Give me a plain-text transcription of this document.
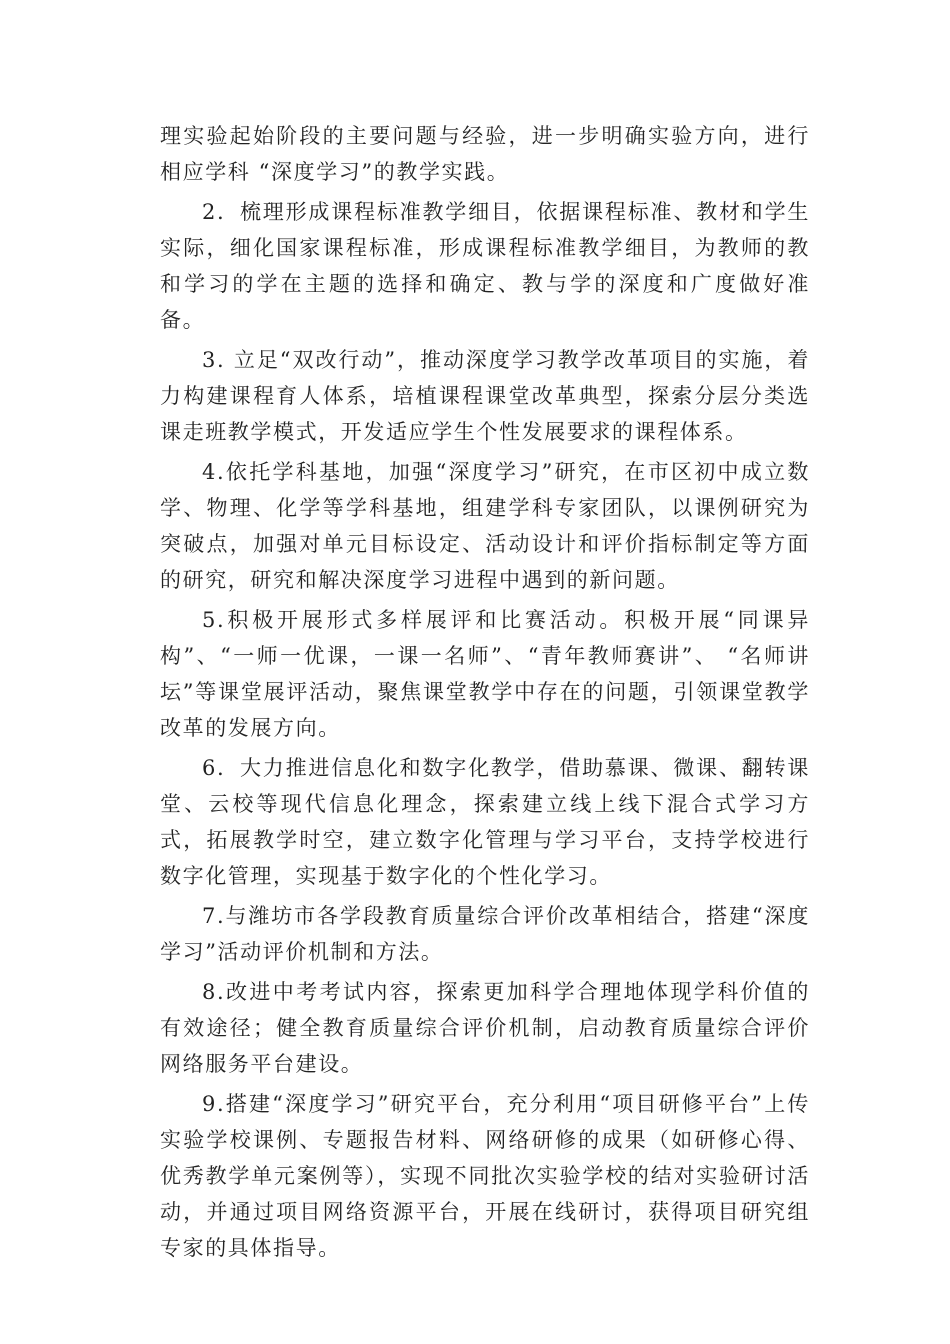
理实验起始阶段的主要问题与经验，进一步明确实验方向，进行相应学科 “深度学习”的教学实践。

2．梳理形成课程标准教学细目，依据课程标准、教材和学生实际，细化国家课程标准，形成课程标准教学细目，为教师的教和学习的学在主题的选择和确定、教与学的深度和广度做好准备。

3. 立足“双改行动”，推动深度学习教学改革项目的实施，着力构建课程育人体系，培植课程课堂改革典型，探索分层分类选课走班教学模式，开发适应学生个性发展要求的课程体系。

4.依托学科基地，加强“深度学习”研究，在市区初中成立数学、物理、化学等学科基地，组建学科专家团队，以课例研究为突破点，加强对单元目标设定、活动设计和评价指标制定等方面的研究，研究和解决深度学习进程中遇到的新问题。

5.积极开展形式多样展评和比赛活动。积极开展“同课异构”、“一师一优课，一课一名师”、“青年教师赛讲”、 “名师讲坛”等课堂展评活动，聚焦课堂教学中存在的问题，引领课堂教学改革的发展方向。

6．大力推进信息化和数字化教学，借助慕课、微课、翻转课堂、云校等现代信息化理念，探索建立线上线下混合式学习方式，拓展教学时空，建立数字化管理与学习平台，支持学校进行数字化管理，实现基于数字化的个性化学习。

7.与潍坊市各学段教育质量综合评价改革相结合，搭建“深度学习”活动评价机制和方法。

8.改进中考考试内容，探索更加科学合理地体现学科价值的有效途径；健全教育质量综合评价机制，启动教育质量综合评价网络服务平台建设。

9.搭建“深度学习”研究平台，充分利用“项目研修平台”上传实验学校课例、专题报告材料、网络研修的成果（如研修心得、优秀教学单元案例等），实现不同批次实验学校的结对实验研讨活动，并通过项目网络资源平台，开展在线研讨，获得项目研究组专家的具体指导。
